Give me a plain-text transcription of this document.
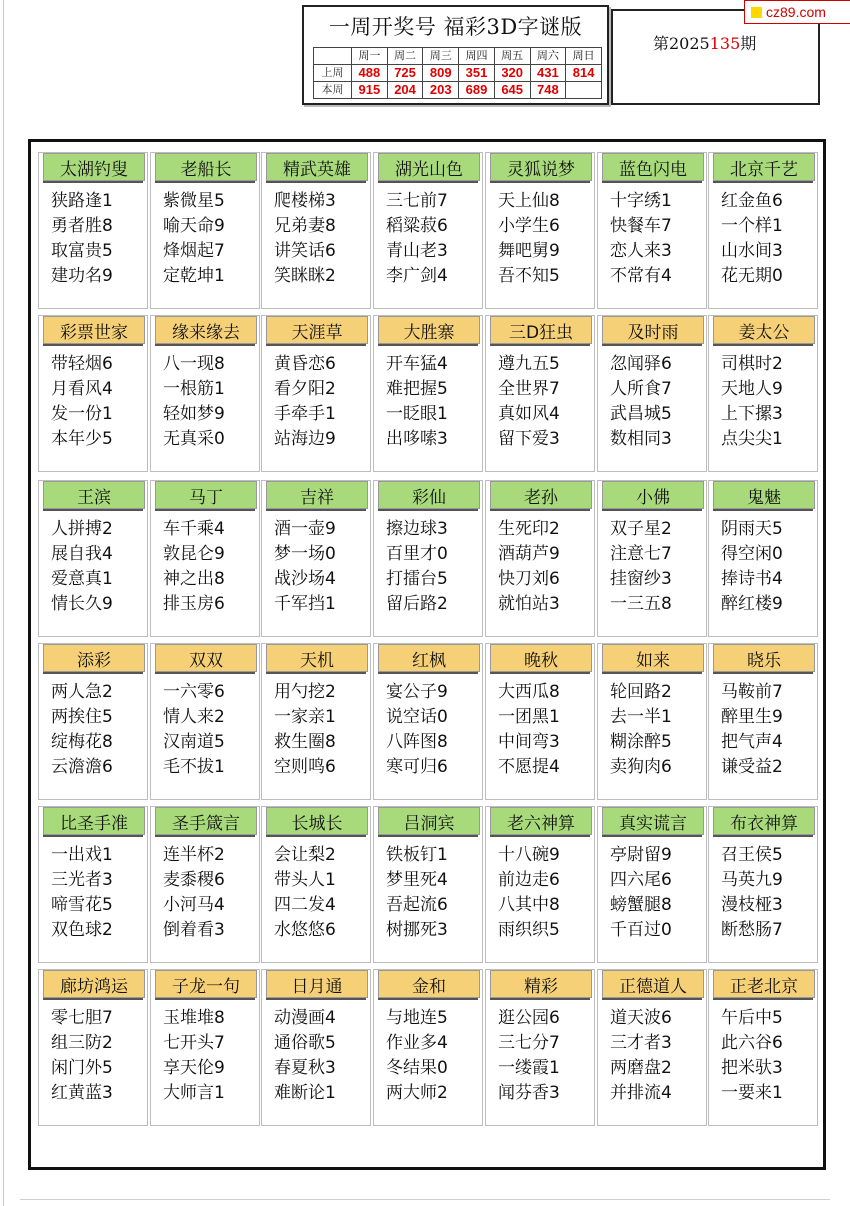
一周开奖号 福彩3D字谜版
	周一	周二	周三	周四	周五	周六	周日
上周	488	725	809	351	320	431	814
本周	915	204	203	689	645	748	
第2025135期
cz89.com
太湖钓叟
狭路逢1
勇者胜8
取富贵5
建功名9
老船长
紫微星5
喻天命9
烽烟起7
定乾坤1
精武英雄
爬楼梯3
兄弟妻8
讲笑话6
笑眯眯2
湖光山色
三七前7
稻粱菽6
青山老3
李广剑4
灵狐说梦
天上仙8
小学生6
舞吧舅9
吾不知5
蓝色闪电
十字绣1
快餐车7
恋人来3
不常有4
北京千艺
红金鱼6
一个样1
山水间3
花无期0
彩票世家
带轻烟6
月看风4
发一份1
本年少5
缘来缘去
八一现8
一根筋1
轻如梦9
无真采0
天涯草
黄昏恋6
看夕阳2
手牵手1
站海边9
大胜寨
开车猛4
难把握5
一眨眼1
出哆嗦3
三D狂虫
遵九五5
全世界7
真如风4
留下爱3
及时雨
忽闻驿6
人所食7
武昌城5
数相同3
姜太公
司棋时2
天地人9
上下摞3
点尖尖1
王滨
人拼搏2
展自我4
爱意真1
情长久9
马丁
车千乘4
敦昆仑9
神之出8
排玉房6
吉祥
酒一壶9
梦一场0
战沙场4
千军挡1
彩仙
擦边球3
百里才0
打擂台5
留后路2
老孙
生死印2
酒葫芦9
快刀刘6
就怕站3
小佛
双子星2
注意七7
挂窗纱3
一三五8
鬼魅
阴雨天5
得空闲0
捧诗书4
醉红楼9
添彩
两人急2
两挨住5
绽梅花8
云澹澹6
双双
一六零6
情人来2
汉南道5
毛不拔1
天机
用勺挖2
一家亲1
救生圈8
空则鸣6
红枫
宴公子9
说空话0
八阵图8
寒可归6
晚秋
大西瓜8
一团黑1
中间弯3
不愿提4
如来
轮回路2
去一半1
糊涂醉5
卖狗肉6
晓乐
马鞍前7
醉里生9
把气声4
谦受益2
比圣手准
一出戏1
三光者3
啼雪花5
双色球2
圣手箴言
连半杯2
麦黍稷6
小河马4
倒着看3
长城长
会让梨2
带头人1
四二发4
水悠悠6
吕洞宾
铁板钉1
梦里死4
吾起流6
树挪死3
老六神算
十八碗9
前边走6
八其中8
雨织织5
真实谎言
亭尉留9
四六尾6
螃蟹腿8
千百过0
布衣神算
召王侯5
马英九9
漫枝桠3
断愁肠7
廊坊鸿运
零七胆7
组三防2
闲门外5
红黄蓝3
子龙一句
玉堆堆8
七开头7
享天伦9
大师言1
日月通
动漫画4
通俗歌5
春夏秋3
难断论1
金和
与地连5
作业多4
冬结果0
两大师2
精彩
逛公园6
三七分7
一缕霞1
闻芬香3
正德道人
道天波6
三才者3
两磨盘2
并排流4
正老北京
午后中5
此六谷6
把米驮3
一要来1
